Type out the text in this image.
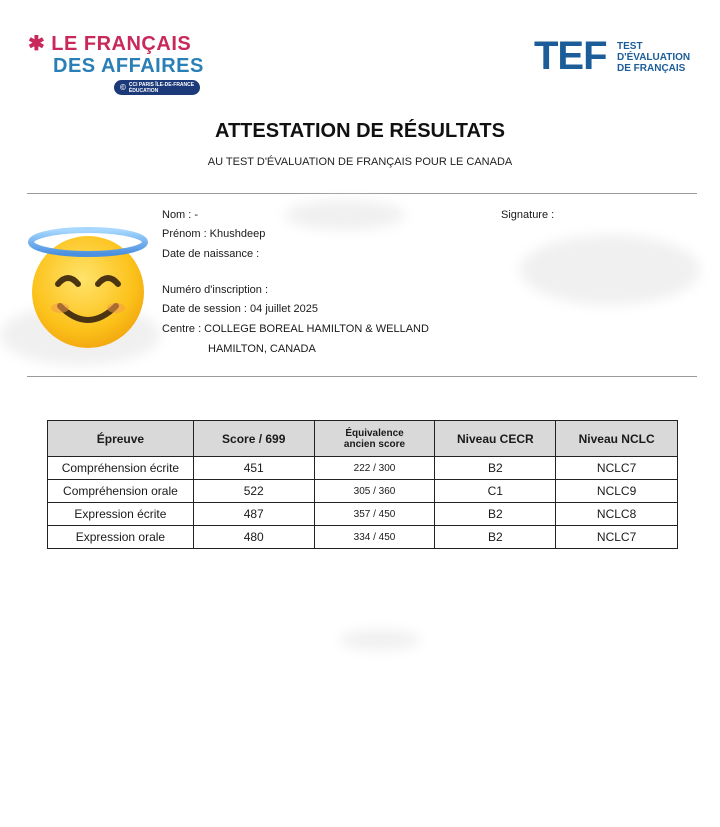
✱ LE FRANÇAIS
DES AFFAIRES
© CCI PARIS ÎLE-DE-FRANCE
ÉDUCATION
TEF TEST
D'ÉVALUATION
DE FRANÇAIS
ATTESTATION DE RÉSULTATS
AU TEST D'ÉVALUATION DE FRANÇAIS POUR LE CANADA
Nom : -
Prénom : Khushdeep
Date de naissance :
Numéro d'inscription :
Date de session : 04 juillet 2025
Centre : COLLEGE BOREAL HAMILTON & WELLAND
HAMILTON, CANADA
Signature :
Épreuve	Score / 699	Équivalence
ancien score	Niveau CECR	Niveau NCLC
Compréhension écrite	451	222 / 300	B2	NCLC7
Compréhension orale	522	305 / 360	C1	NCLC9
Expression écrite	487	357 / 450	B2	NCLC8
Expression orale	480	334 / 450	B2	NCLC7
